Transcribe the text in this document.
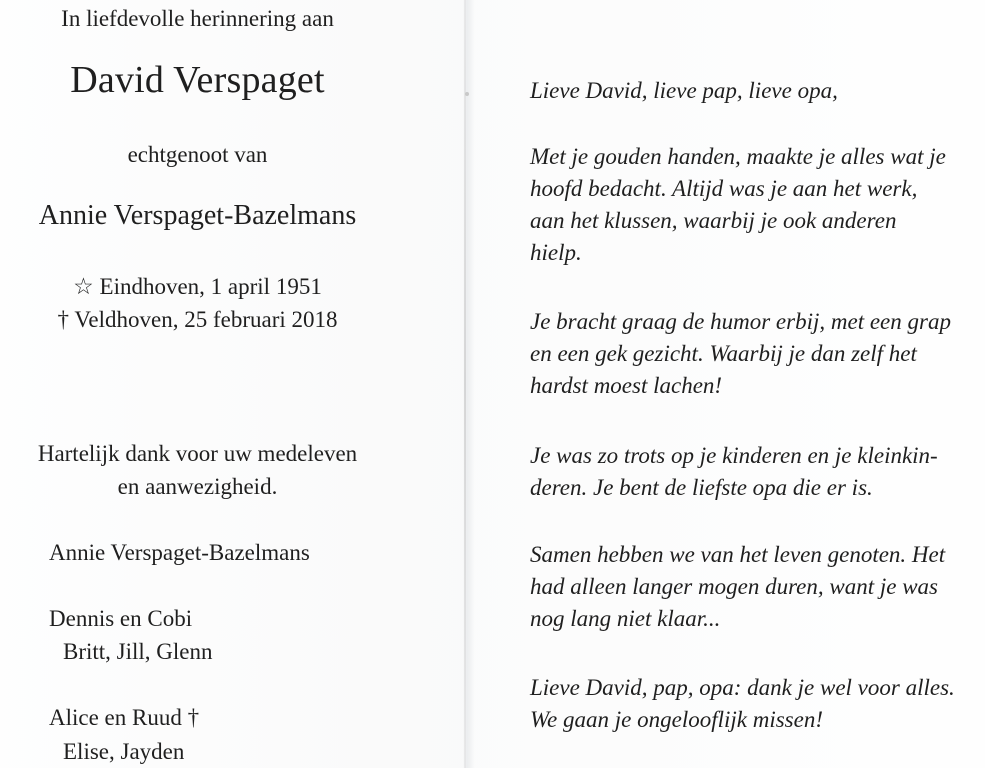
In liefdevolle herinnering aan
David Verspaget
echtgenoot van
Annie Verspaget-Bazelmans
☆ Eindhoven, 1 april 1951
† Veldhoven, 25 februari 2018
Hartelijk dank voor uw medeleven
en aanwezigheid.
Annie Verspaget-Bazelmans
Dennis en Cobi
Britt, Jill, Glenn
Alice en Ruud †
Elise, Jayden
Lieve David, lieve pap, lieve opa,
Met je gouden handen, maakte je alles wat je
hoofd bedacht. Altijd was je aan het werk,
aan het klussen, waarbij je ook anderen
hielp.
Je bracht graag de humor erbij, met een grap
en een gek gezicht. Waarbij je dan zelf het
hardst moest lachen!
Je was zo trots op je kinderen en je kleinkin-
deren. Je bent de liefste opa die er is.
Samen hebben we van het leven genoten. Het
had alleen langer mogen duren, want je was
nog lang niet klaar...
Lieve David, pap, opa: dank je wel voor alles.
We gaan je ongelooflijk missen!
